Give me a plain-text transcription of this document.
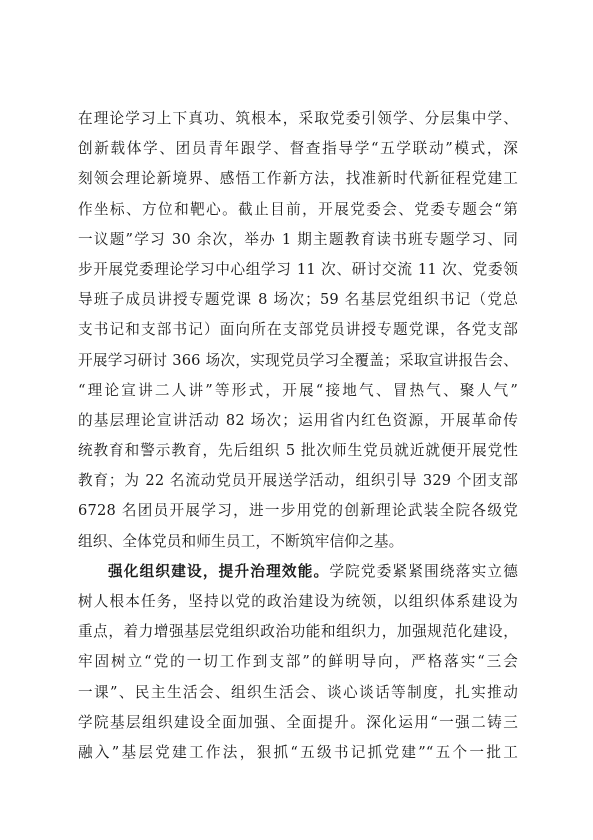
在理论学习上下真功、筑根本，采取党委引领学、分层集中学、
创新载体学、团员青年跟学、督查指导学“五学联动”模式，深
刻领会理论新境界、感悟工作新方法，找准新时代新征程党建工
作坐标、方位和靶心。截止目前，开展党委会、党委专题会“第
一议题”学习 30 余次，举办 1 期主题教育读书班专题学习、同
步开展党委理论学习中心组学习 11 次、研讨交流 11 次、党委领
导班子成员讲授专题党课 8 场次；59 名基层党组织书记（党总
支书记和支部书记）面向所在支部党员讲授专题党课，各党支部
开展学习研讨 366 场次，实现党员学习全覆盖；采取宣讲报告会、
“理论宣讲二人讲”等形式，开展“接地气、冒热气、聚人气”
的基层理论宣讲活动 82 场次；运用省内红色资源，开展革命传
统教育和警示教育，先后组织 5 批次师生党员就近就便开展党性
教育；为 22 名流动党员开展送学活动，组织引导 329 个团支部
6728 名团员开展学习，进一步用党的创新理论武装全院各级党
组织、全体党员和师生员工，不断筑牢信仰之基。
强化组织建设，提升治理效能。学院党委紧紧围绕落实立德
树人根本任务，坚持以党的政治建设为统领，以组织体系建设为
重点，着力增强基层党组织政治功能和组织力，加强规范化建设，
牢固树立“党的一切工作到支部”的鲜明导向，严格落实“三会
一课”、民主生活会、组织生活会、谈心谈话等制度，扎实推动
学院基层组织建设全面加强、全面提升。深化运用“一强二铸三
融入”基层党建工作法，狠抓“五级书记抓党建”“五个一批工
